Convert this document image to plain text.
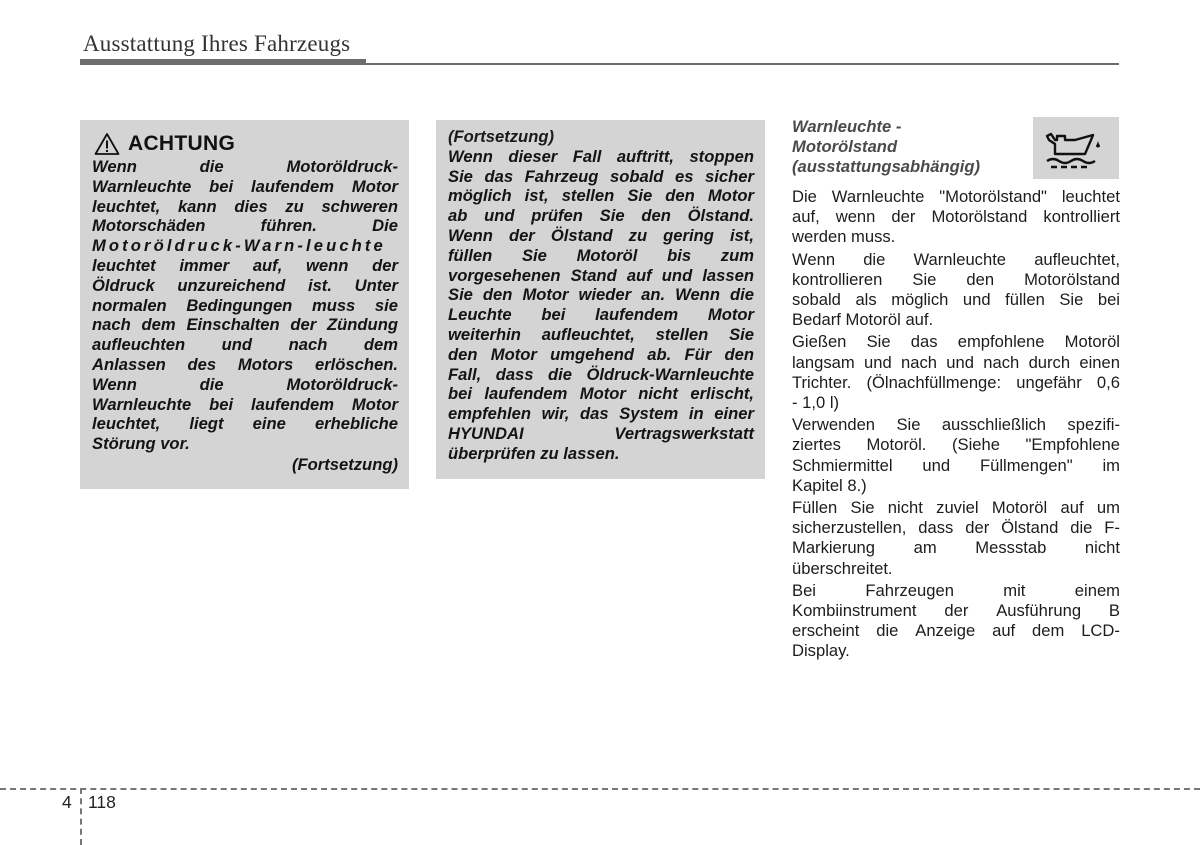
Ausstattung Ihres Fahrzeugs
ACHTUNG
Wenn	die	Motoröldruck-
Warnleuchte bei laufendem Motor
leuchtet, kann dies zu schweren
Motorschäden	führen.	Die
Motoröldruck-Warn-leuchte
leuchtet immer auf, wenn der
Öldruck unzureichend ist. Unter
normalen Bedingungen muss sie
nach dem Einschalten der Zündung
aufleuchten und nach dem
Anlassen des Motors erlöschen.
Wenn	die	Motoröldruck-
Warnleuchte bei laufendem Motor
leuchtet, liegt eine erhebliche
Störung vor.
(Fortsetzung)
(Fortsetzung)
Wenn dieser Fall auftritt, stoppen
Sie das Fahrzeug sobald es sicher
möglich ist, stellen Sie den Motor
ab und prüfen Sie den Ölstand.
Wenn der Ölstand zu gering ist,
füllen Sie Motoröl bis zum
vorgesehenen Stand auf und lassen
Sie den Motor wieder an. Wenn die
Leuchte bei laufendem Motor
weiterhin aufleuchtet, stellen Sie
den Motor umgehend ab. Für den
Fall, dass die Öldruck-Warnleuchte
bei laufendem Motor nicht erlischt,
empfehlen wir, das System in einer
HYUNDAI	Vertragswerkstatt
überprüfen zu lassen.
Warnleuchte -
Motorölstand
(ausstattungsabhängig)
Die Warnleuchte "Motorölstand" leuchtet
auf, wenn der Motorölstand kontrolliert
werden muss.
Wenn die Warnleuchte aufleuchtet,
kontrollieren Sie den Motorölstand
sobald als möglich und füllen Sie bei
Bedarf Motoröl auf.
Gießen Sie das empfohlene Motoröl
langsam und nach und nach durch einen
Trichter. (Ölnachfüllmenge: ungefähr 0,6
- 1,0 l)
Verwenden Sie ausschließlich spezifi-
ziertes Motoröl. (Siehe "Empfohlene
Schmiermittel und Füllmengen" im
Kapitel 8.)
Füllen Sie nicht zuviel Motoröl auf um
sicherzustellen, dass der Ölstand die F-
Markierung am Messstab nicht
überschreitet.
Bei	Fahrzeugen	mit	einem
Kombiinstrument der Ausführung B
erscheint die Anzeige auf dem LCD-
Display.
4 118
